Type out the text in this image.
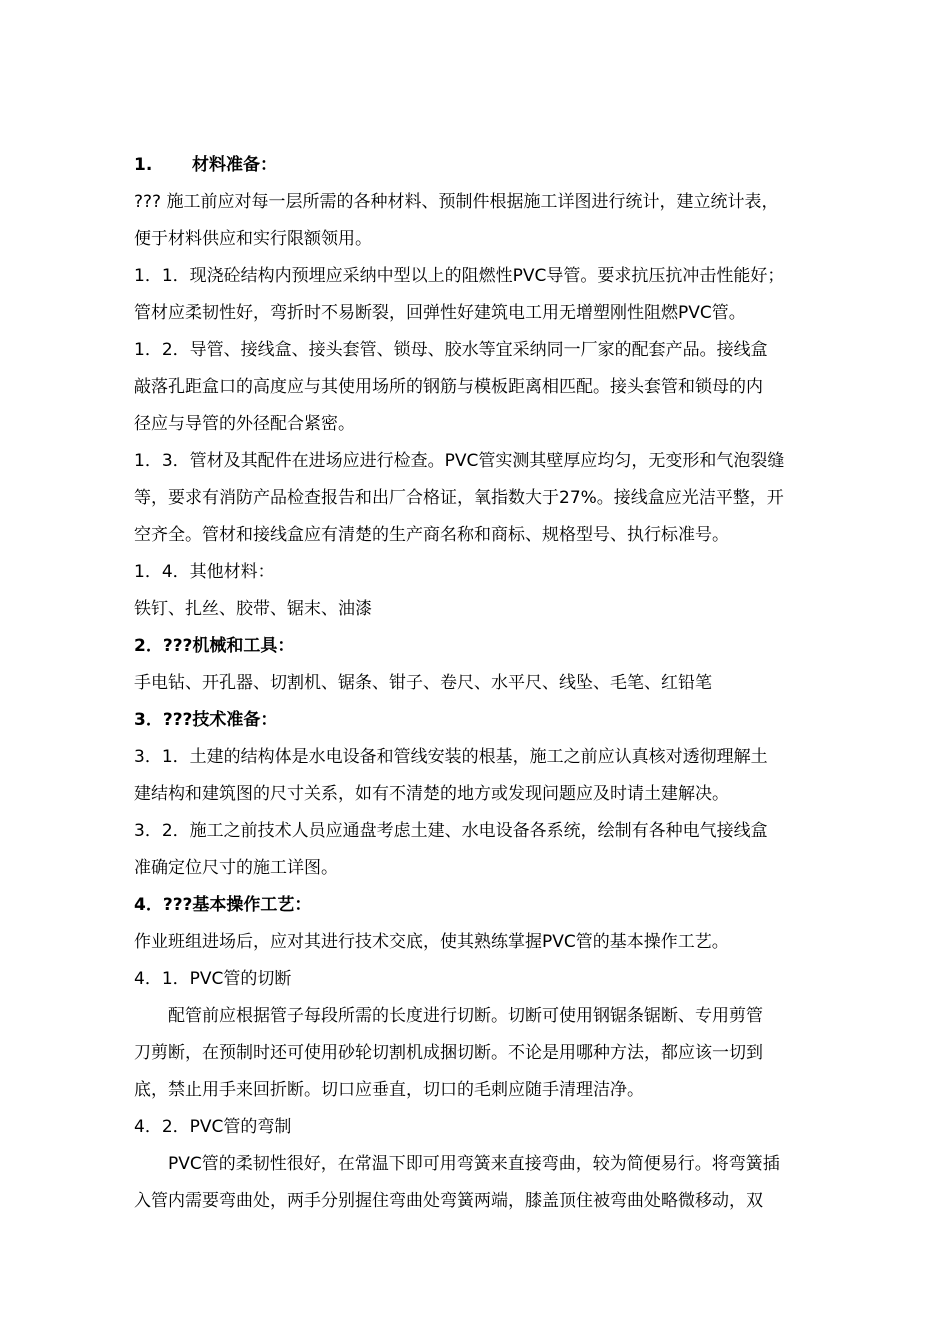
1. 材料准备：
??? 施工前应对每一层所需的各种材料、预制件根据施工详图进行统计，建立统计表，
便于材料供应和实行限额领用。
1．1．现浇砼结构内预埋应采纳中型以上的阻燃性PVC导管。要求抗压抗冲击性能好；
管材应柔韧性好，弯折时不易断裂，回弹性好建筑电工用无增塑刚性阻燃PVC管。
1．2．导管、接线盒、接头套管、锁母、胶水等宜采纳同一厂家的配套产品。接线盒
敲落孔距盒口的高度应与其使用场所的钢筋与模板距离相匹配。接头套管和锁母的内
径应与导管的外径配合紧密。
1．3．管材及其配件在进场应进行检查。PVC管实测其壁厚应均匀，无变形和气泡裂缝
等，要求有消防产品检查报告和出厂合格证，氧指数大于27%。接线盒应光洁平整，开
空齐全。管材和接线盒应有清楚的生产商名称和商标、规格型号、执行标准号。
1．4．其他材料：
铁钉、扎丝、胶带、锯末、油漆
2．???机械和工具：
手电钻、开孔器、切割机、锯条、钳子、卷尺、水平尺、线坠、毛笔、红铅笔
3．???技术准备：
3．1．土建的结构体是水电设备和管线安装的根基，施工之前应认真核对透彻理解土
建结构和建筑图的尺寸关系，如有不清楚的地方或发现问题应及时请土建解决。
3．2．施工之前技术人员应通盘考虑土建、水电设备各系统，绘制有各种电气接线盒
准确定位尺寸的施工详图。
4．???基本操作工艺：
作业班组进场后，应对其进行技术交底，使其熟练掌握PVC管的基本操作工艺。
4．1．PVC管的切断
配管前应根据管子每段所需的长度进行切断。切断可使用钢锯条锯断、专用剪管
刀剪断，在预制时还可使用砂轮切割机成捆切断。不论是用哪种方法，都应该一切到
底，禁止用手来回折断。切口应垂直，切口的毛刺应随手清理洁净。
4．2．PVC管的弯制
PVC管的柔韧性很好，在常温下即可用弯簧来直接弯曲，较为简便易行。将弯簧插
入管内需要弯曲处，两手分别握住弯曲处弯簧两端，膝盖顶住被弯曲处略微移动，双
